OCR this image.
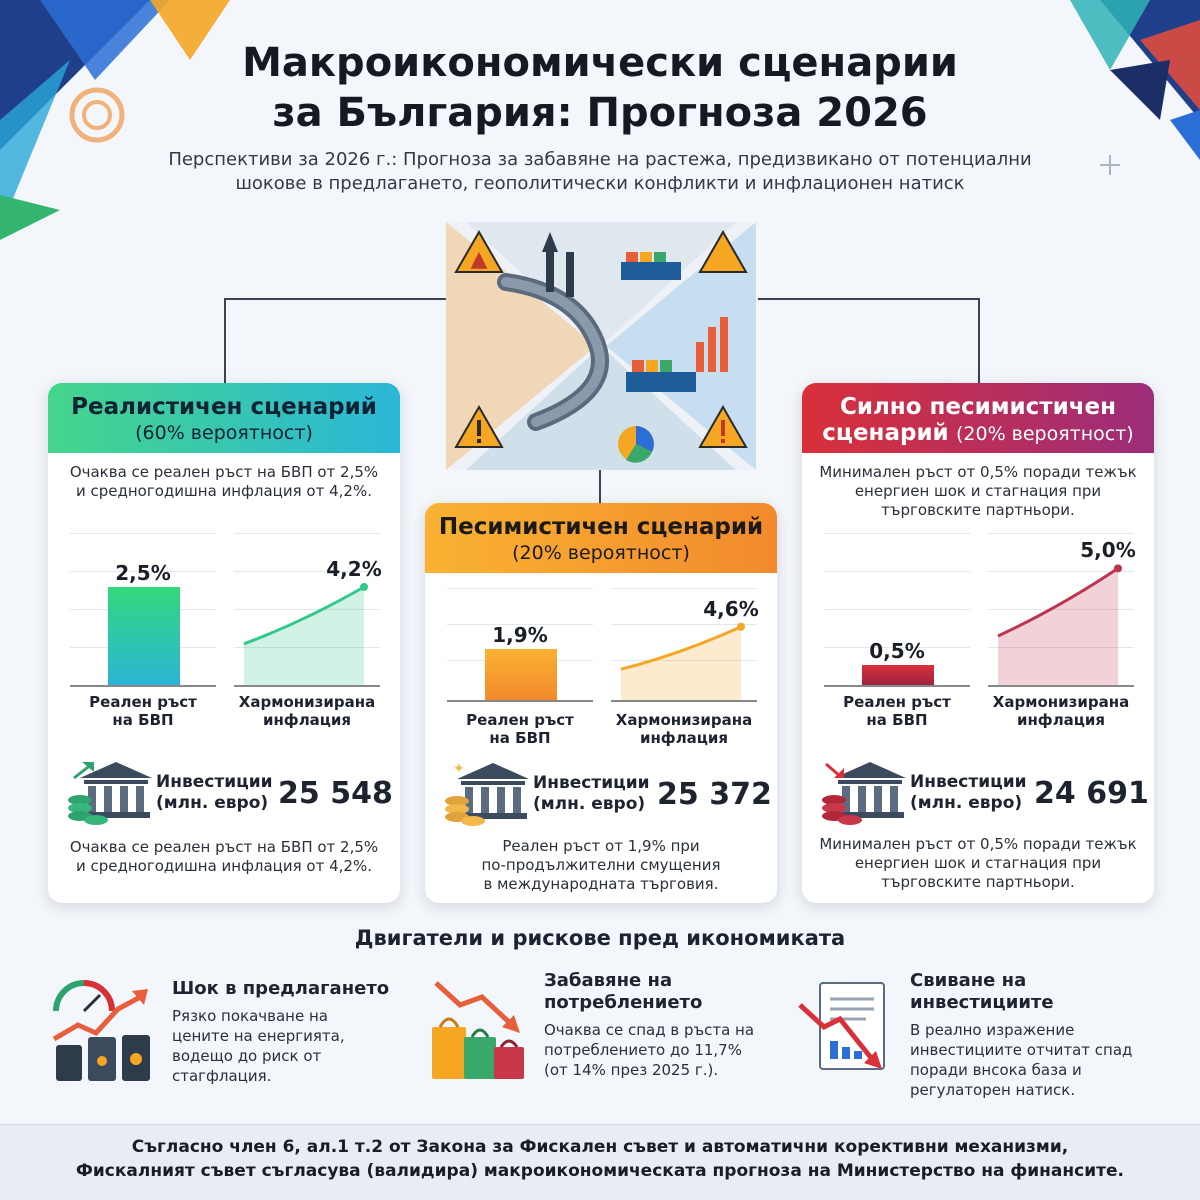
Макроикономически сценарии
за България: Прогноза 2026
Перспективи за 2026 г.: Прогноза за забавяне на растежа, предизвикано от потенциални
шокове в предлагането, геополитически конфликти и инфлационен натиск
▲
Реалистичен сценарий
(60% вероятност)
Очаква се реален ръст на БВП от 2,5%
и средногодишна инфлация от 4,2%.
2,5%
Реален ръст
на БВП
4,2%
Хармонизирана
инфлация
Инвестиции
(млн. евро) 25 548
Очаква се реален ръст на БВП от 2,5%
и средногодишна инфлация от 4,2%.
Песимистичен сценарий
(20% вероятност)
1,9%
Реален ръст
на БВП
4,6%
Хармонизирана
инфлация
✦
Инвестиции
(млн. евро) 25 372
Реален ръст от 1,9% при
по-продължителни смущения
в международната търговия.
Силно песимистичен
сценарий (20% вероятност)
Минимален ръст от 0,5% поради тежък
енергиен шок и стагнация при
търговските партньори.
0,5%
Реален ръст
на БВП
5,0%
Хармонизирана
инфлация
Инвестиции
(млн. евро) 24 691
Минимален ръст от 0,5% поради тежък
енергиен шок и стагнация при
търговските партньори.
Двигатели и рискове пред икономиката
Шок в предлагането
Рязко покачване на
цените на енергията,
водещо до риск от
стагфлация.
Забавяне на
потреблението
Очаква се спад в ръста на
потреблението до 11,7%
(от 14% през 2025 г.).
Свиване на
инвестициите
В реално изражение
инвестициите отчитат спад
поради внсока база и
регулаторен натиск.
Съгласно член 6, ал.1 т.2 от Закона за Фискален съвет и автоматични корективни механизми,
Фискалният съвет съгласува (валидира) макроикономическата прогноза на Министерство на финансите.
